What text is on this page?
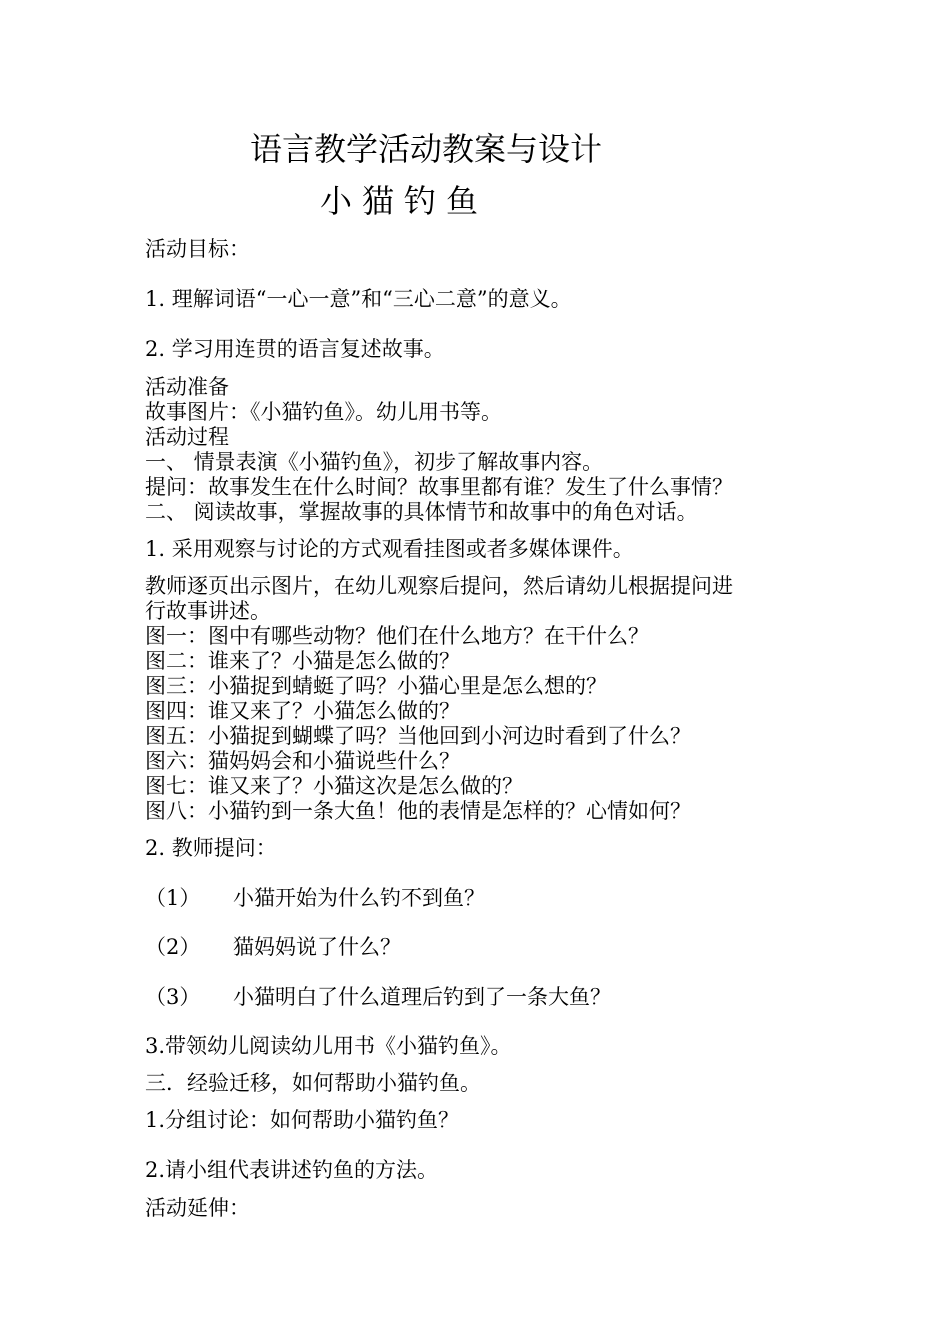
语言教学活动教案与设计
小猫钓鱼

活动目标：

1. 理解词语“一心一意”和“三心二意”的意义。

2. 学习用连贯的语言复述故事。

活动准备

故事图片：《小猫钓鱼》。幼儿用书等。

活动过程

一、 情景表演《小猫钓鱼》，初步了解故事内容。

提问：故事发生在什么时间？故事里都有谁？发生了什么事情？

二、 阅读故事，掌握故事的具体情节和故事中的角色对话。

1. 采用观察与讨论的方式观看挂图或者多媒体课件。

教师逐页出示图片，在幼儿观察后提问，然后请幼儿根据提问进

行故事讲述。

图一：图中有哪些动物？他们在什么地方？在干什么？

图二：谁来了？小猫是怎么做的？

图三：小猫捉到蜻蜓了吗？小猫心里是怎么想的？

图四：谁又来了？小猫怎么做的？

图五：小猫捉到蝴蝶了吗？当他回到小河边时看到了什么？

图六：猫妈妈会和小猫说些什么？

图七：谁又来了？小猫这次是怎么做的？

图八：小猫钓到一条大鱼！他的表情是怎样的？心情如何？

2. 教师提问：

（1） 小猫开始为什么钓不到鱼？

（2） 猫妈妈说了什么？

（3） 小猫明白了什么道理后钓到了一条大鱼？

3.带领幼儿阅读幼儿用书《小猫钓鱼》。

三．经验迁移，如何帮助小猫钓鱼。

1.分组讨论：如何帮助小猫钓鱼？

2.请小组代表讲述钓鱼的方法。

活动延伸：
